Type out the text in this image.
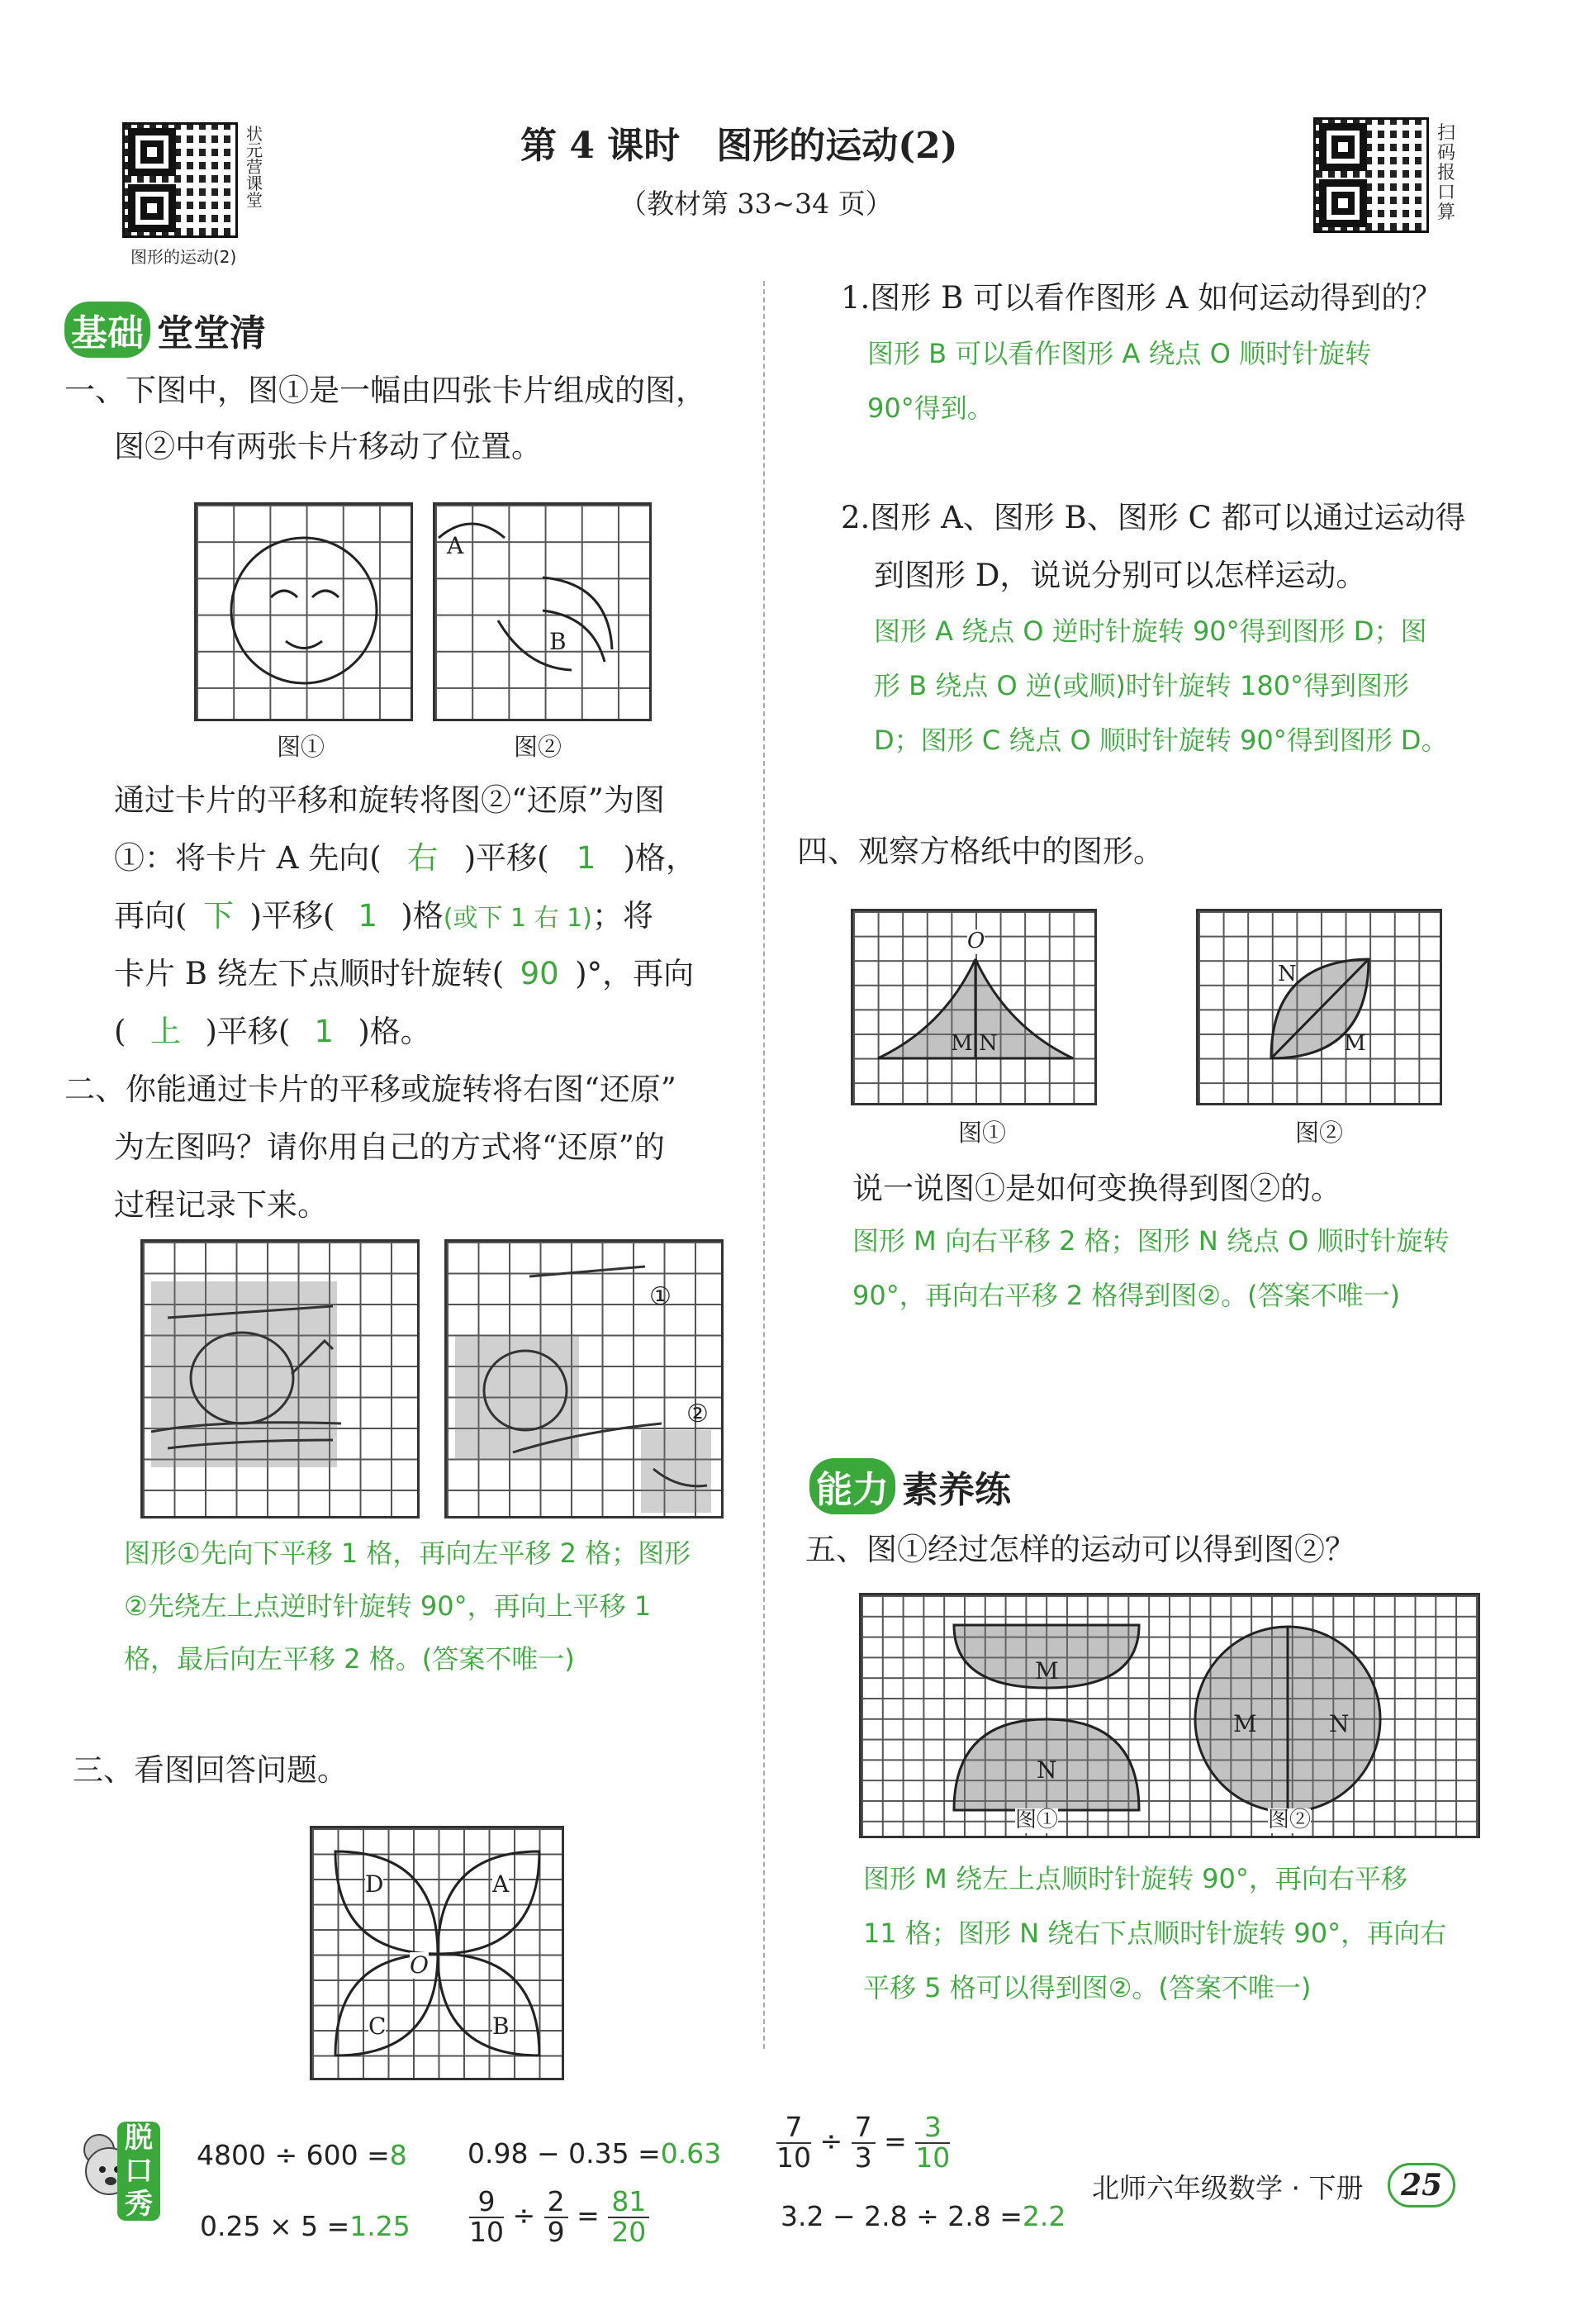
状元营课堂
图形的运动(2)
第 4 课时　图形的运动(2)
（教材第 33~34 页）
扫码报口算
基础 堂堂清
一、下图中，图①是一幅由四张卡片组成的图，
图②中有两张卡片移动了位置。
A
B
图①	图②
通过卡片的平移和旋转将图②“还原”为图
①：将卡片 A 先向( 右 )平移( 1 )格，
再向( 下 )平移( 1 )格(或下 1 右 1)；将
卡片 B 绕左下点顺时针旋转( 90 )°，再向
( 上 )平移( 1 )格。
二、你能通过卡片的平移或旋转将右图“还原”
为左图吗？请你用自己的方式将“还原”的
过程记录下来。
①
②
图形①先向下平移 1 格，再向左平移 2 格；图形
②先绕左上点逆时针旋转 90°，再向上平移 1
格，最后向左平移 2 格。(答案不唯一)
三、看图回答问题。
D	A
O
C	B
1.图形 B 可以看作图形 A 如何运动得到的？
图形 B 可以看作图形 A 绕点 O 顺时针旋转
90°得到。
2.图形 A、图形 B、图形 C 都可以通过运动得
到图形 D，说说分别可以怎样运动。
图形 A 绕点 O 逆时针旋转 90°得到图形 D；图
形 B 绕点 O 逆(或顺)时针旋转 180°得到图形
D；图形 C 绕点 O 顺时针旋转 90°得到图形 D。
四、观察方格纸中的图形。
O
M N
N
M
图①	图②
说一说图①是如何变换得到图②的。
图形 M 向右平移 2 格；图形 N 绕点 O 顺时针旋转
90°，再向右平移 2 格得到图②。(答案不唯一)
能力 素养练
五、图①经过怎样的运动可以得到图②？
M
N
M	N
图①	图②
图形 M 绕左上点顺时针旋转 90°，再向右平移
11 格；图形 N 绕右下点顺时针旋转 90°，再向右
平移 5 格可以得到图②。(答案不唯一)
脱口秀
4800 ÷ 600 =8
0.25 × 5 =1.25
0.98 − 0.35 =0.63
$\frac{9}{10} \div \frac{2}{9} = \frac{81}{20}$
$\frac{7}{10} \div \frac{7}{3} = \frac{3}{10}$
3.2 − 2.8 ÷ 2.8 =2.2
北师六年级数学 · 下册	25
